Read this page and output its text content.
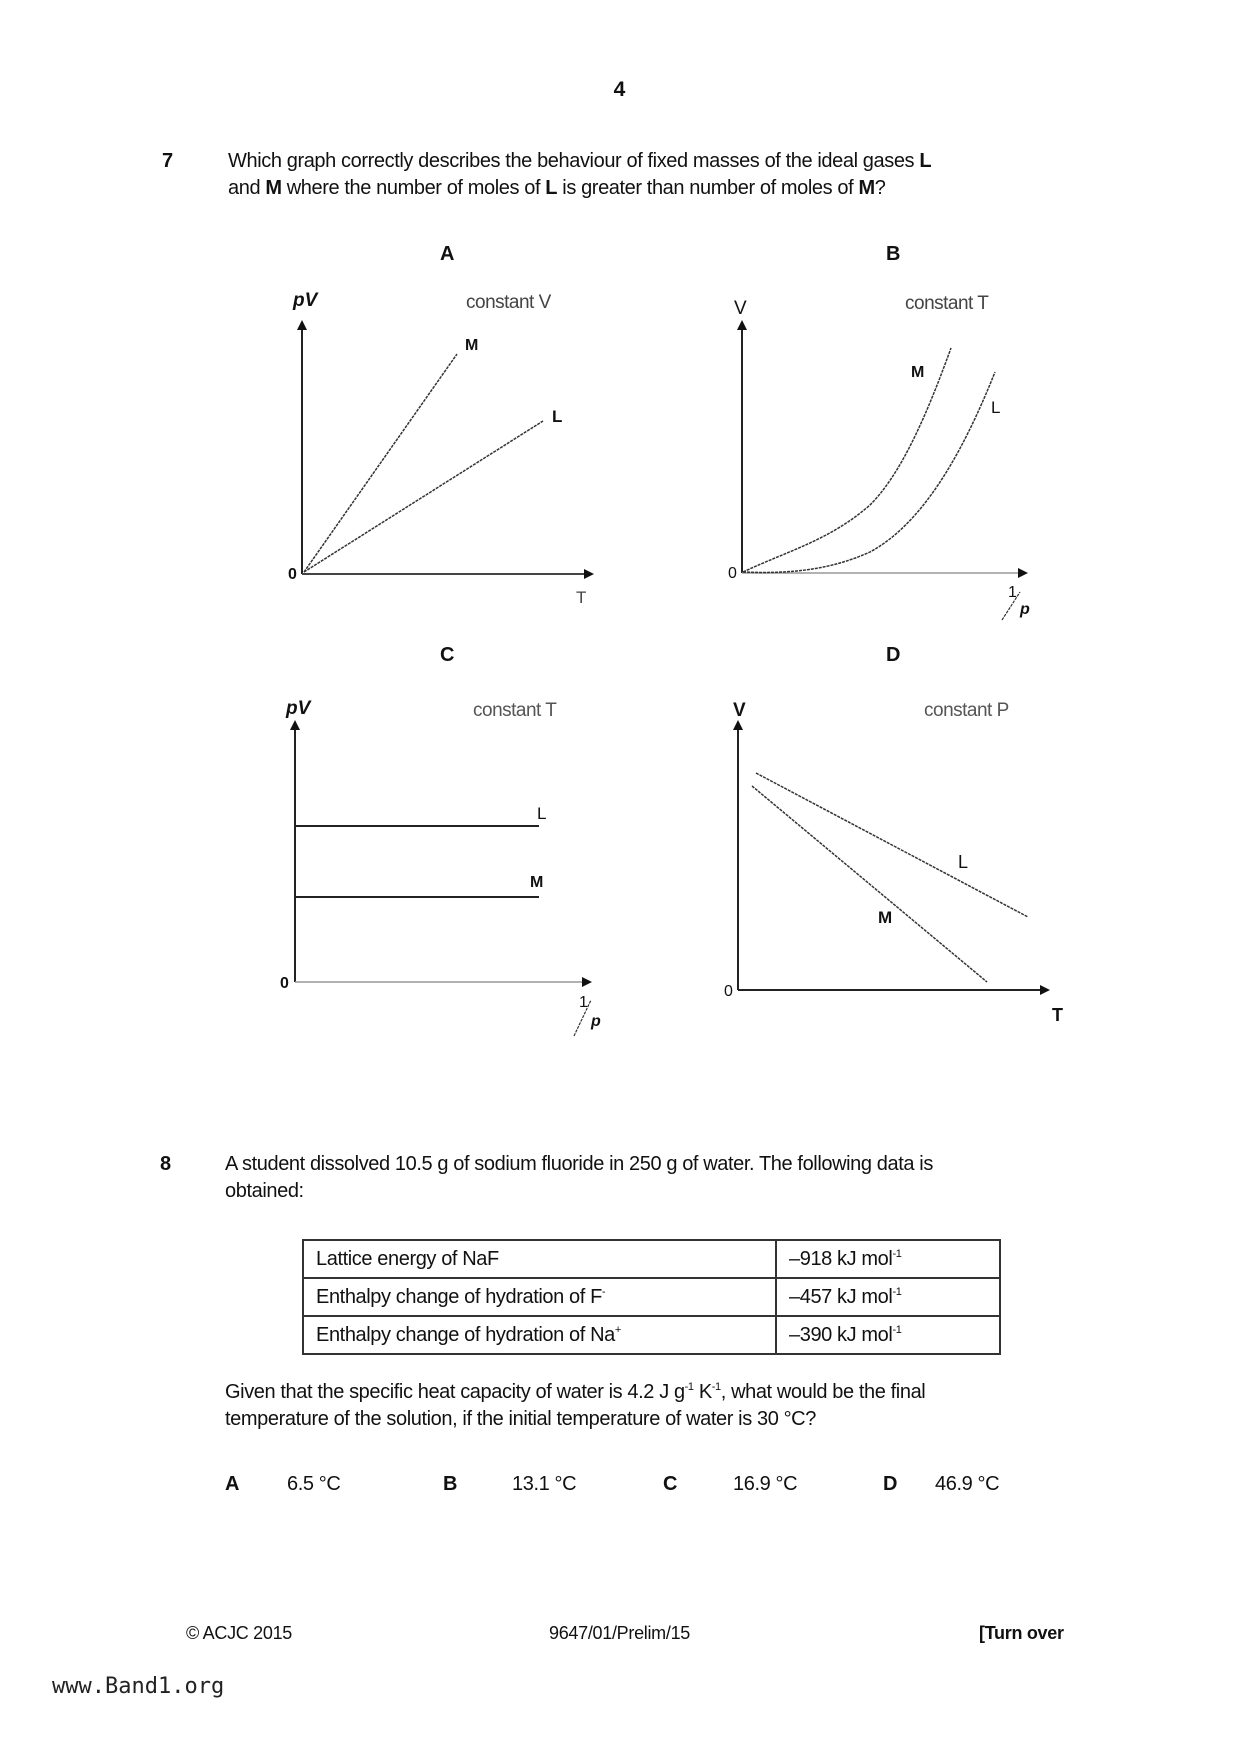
4
7	Which graph correctly describes the behaviour of fixed masses of the ideal gases L
and M where the number of moles of L is greater than number of moles of M?
A	B
C	D
pV	constant V
M
L
0
T
V	constant T
M
L
0
1
p
pV	constant T
L
M
0
1
p
V	constant P
L
M
0
T
8	A student dissolved 10.5 g of sodium fluoride in 250 g of water. The following data is
obtained:
Lattice energy of NaF	–918 kJ mol$^{-1}$
Enthalpy change of hydration of F-	–457 kJ mol$^{-1}$
Enthalpy change of hydration of Na+	–390 kJ mol$^{-1}$
Given that the specific heat capacity of water is 4.2 J $g^{-1}$ $K^{-1}$, what would be the final
temperature of the solution, if the initial temperature of water is 30 °C?
A 6.5 °C	B	13.1 °C	C	16.9 °C	D 46.9 °C
© ACJC 2015	9647/01/Prelim/15	[Turn over
www.Band1.org
